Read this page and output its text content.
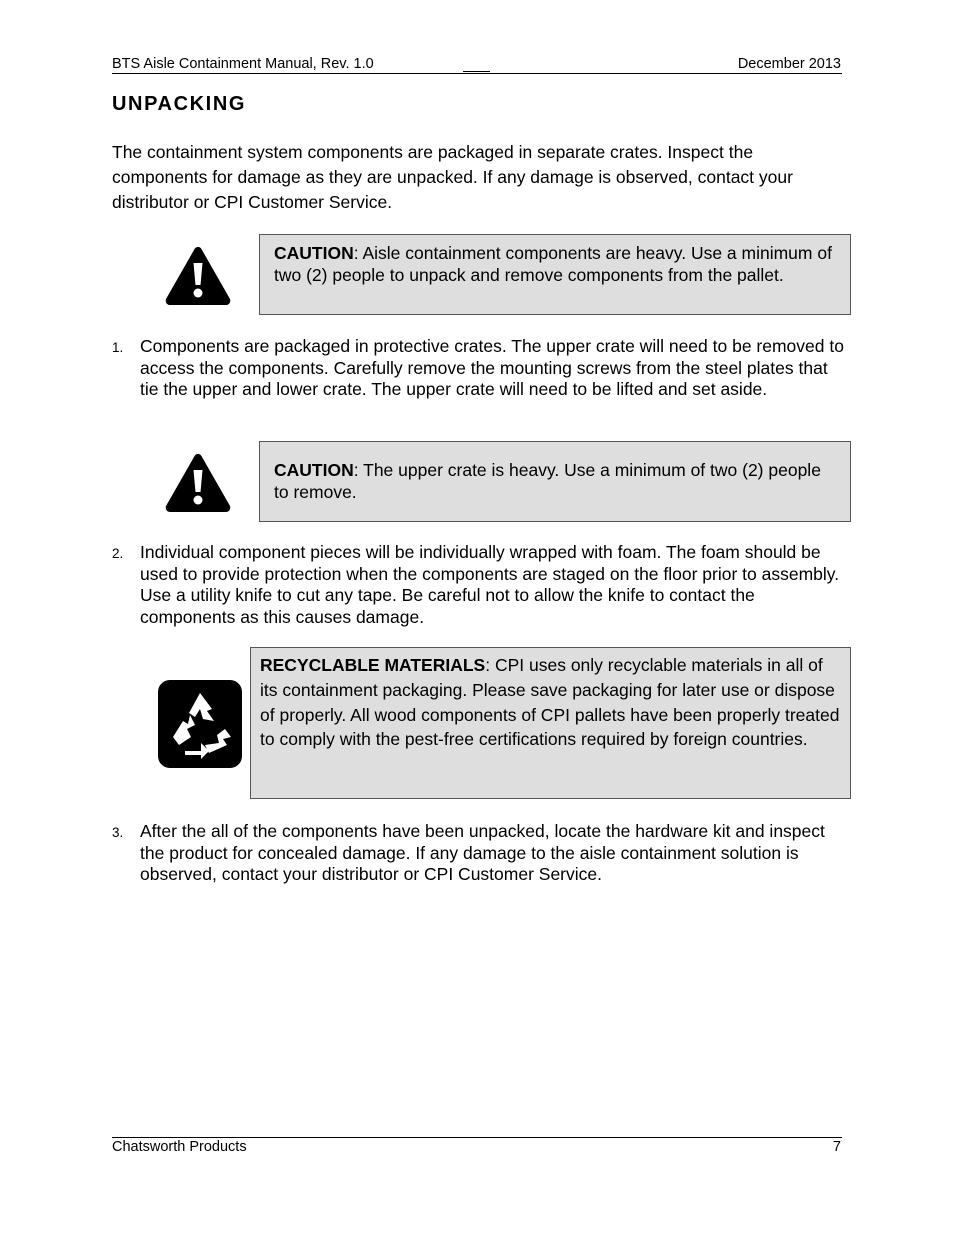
BTS Aisle Containment Manual, Rev. 1.0	December 2013
UNPACKING
The containment system components are packaged in separate crates. Inspect the components for damage as they are unpacked. If any damage is observed, contact your distributor or CPI Customer Service.
CAUTION: Aisle containment components are heavy. Use a minimum of two (2) people to unpack and remove components from the pallet.
1. Components are packaged in protective crates. The upper crate will need to be removed to access the components. Carefully remove the mounting screws from the steel plates that tie the upper and lower crate. The upper crate will need to be lifted and set aside.
CAUTION: The upper crate is heavy. Use a minimum of two (2) people to remove.
2. Individual component pieces will be individually wrapped with foam. The foam should be used to provide protection when the components are staged on the floor prior to assembly. Use a utility knife to cut any tape. Be careful not to allow the knife to contact the components as this causes damage.
RECYCLABLE MATERIALS: CPI uses only recyclable materials in all of its containment packaging. Please save packaging for later use or dispose of properly. All wood components of CPI pallets have been properly treated to comply with the pest-free certifications required by foreign countries.
3. After the all of the components have been unpacked, locate the hardware kit and inspect the product for concealed damage. If any damage to the aisle containment solution is observed, contact your distributor or CPI Customer Service.
Chatsworth Products	7
